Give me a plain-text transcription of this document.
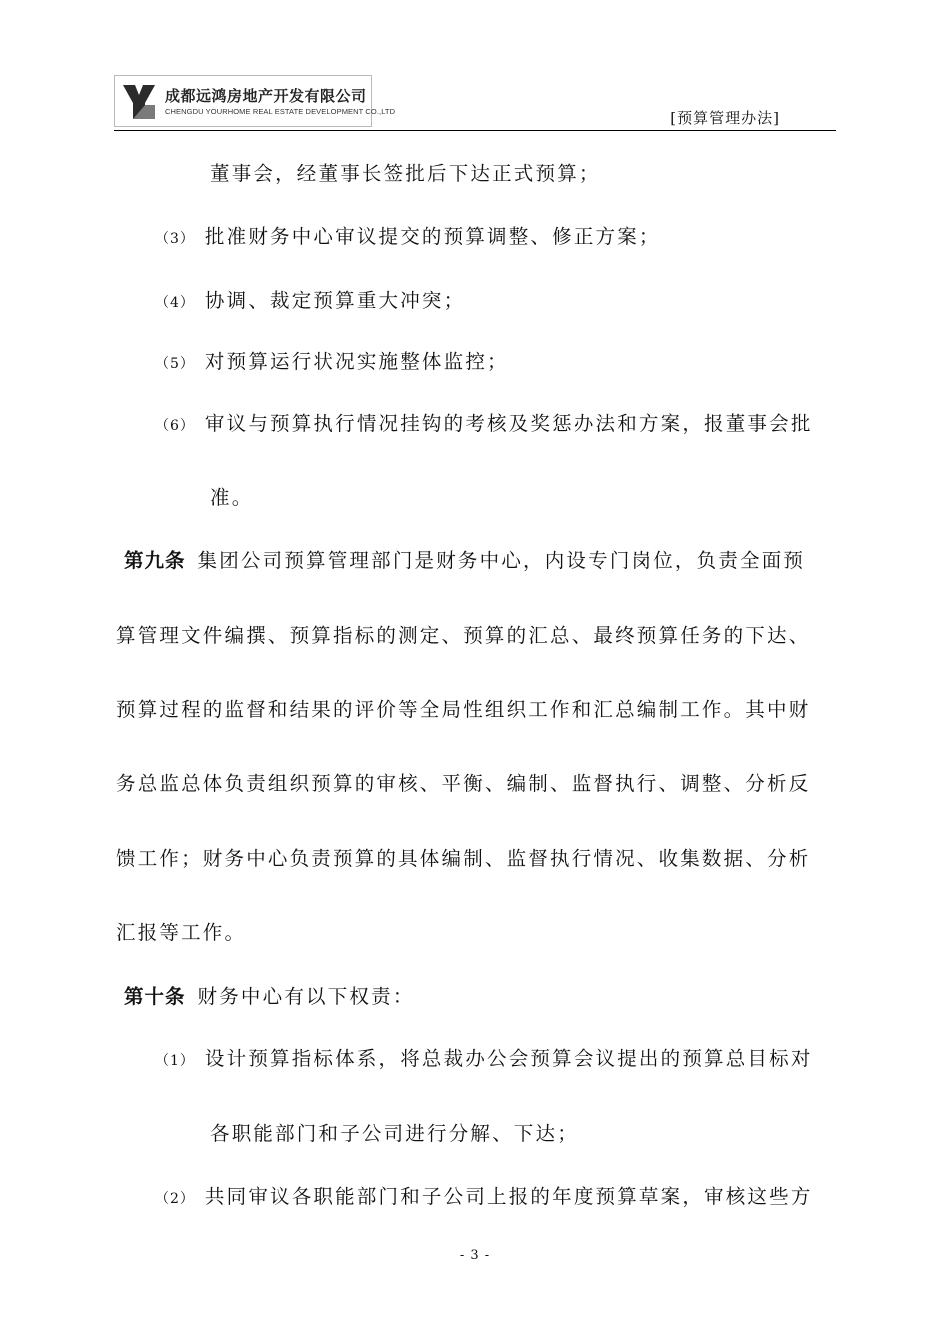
成都远鸿房地产开发有限公司
CHENGDU YOURHOME REAL ESTATE DEVELOPMENT CO.,LTD	[预算管理办法]
董事会，经董事长签批后下达正式预算；
（3） 批准财务中心审议提交的预算调整、修正方案；
（4） 协调、裁定预算重大冲突；
（5） 对预算运行状况实施整体监控；
（6） 审议与预算执行情况挂钩的考核及奖惩办法和方案，报董事会批
准。
第九条 集团公司预算管理部门是财务中心，内设专门岗位，负责全面预
算管理文件编撰、预算指标的测定、预算的汇总、最终预算任务的下达、
预算过程的监督和结果的评价等全局性组织工作和汇总编制工作。其中财
务总监总体负责组织预算的审核、平衡、编制、监督执行、调整、分析反
馈工作；财务中心负责预算的具体编制、监督执行情况、收集数据、分析
汇报等工作。
第十条 财务中心有以下权责：
（1） 设计预算指标体系，将总裁办公会预算会议提出的预算总目标对
各职能部门和子公司进行分解、下达；
（2） 共同审议各职能部门和子公司上报的年度预算草案，审核这些方
- 3 -
